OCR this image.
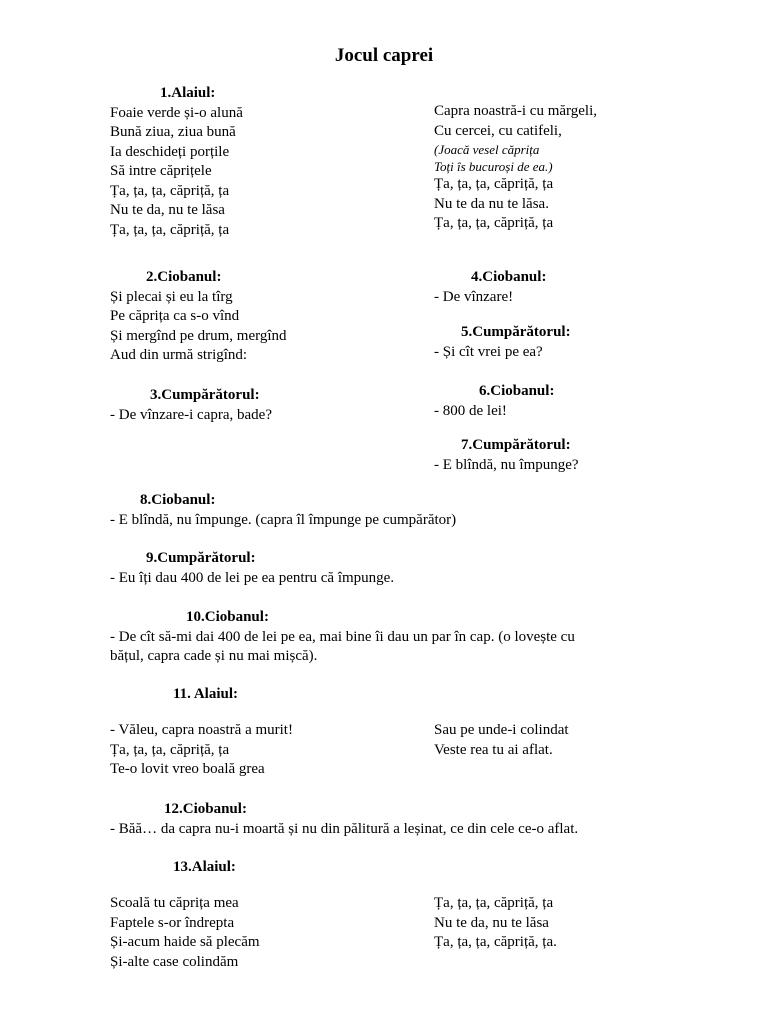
Jocul caprei
1.Alaiul:
Foaie verde și-o alună
Bună ziua, ziua bună
Ia deschideți porțile
Să intre căprițele
Ța, ța, ța, căpriță, ța
Nu te da, nu te lăsa
Ța, ța, ța, căpriță, ța
Capra noastră-i cu mărgeli,
Cu cercei, cu catifeli,
(Joacă vesel căprița
Toți îs bucuroși de ea.)
Ța, ța, ța, căpriță, ța
Nu te da nu te lăsa.
Ța, ța, ța, căpriță, ța
2.Ciobanul:
Și plecai și eu la tîrg
Pe căprița ca s-o vînd
Și mergînd pe drum, mergînd
Aud din urmă strigînd:
3.Cumpărătorul:
- De vînzare-i capra, bade?
4.Ciobanul:
- De vînzare!
5.Cumpărătorul:
- Și cît vrei pe ea?
6.Ciobanul:
- 800 de lei!
7.Cumpărătorul:
- E blîndă, nu împunge?
8.Ciobanul:
- E blîndă, nu împunge. (capra îl împunge pe cumpărător)
9.Cumpărătorul:
- Eu îți dau 400 de lei pe ea pentru că împunge.
10.Ciobanul:
- De cît să-mi dai 400 de lei pe ea, mai bine îi dau un par în cap. (o lovește cu
bățul, capra cade și nu mai mișcă).
11. Alaiul:
- Văleu, capra noastră a murit!
Ța, ța, ța, căpriță, ța
Te-o lovit vreo boală grea
Sau pe unde-i colindat
Veste rea tu ai aflat.
12.Ciobanul:
- Băă… da capra nu-i moartă și nu din pălitură a leșinat, ce din cele ce-o aflat.
13.Alaiul:
Scoală tu căprița mea
Faptele s-or îndrepta
Și-acum haide să plecăm
Și-alte case colindăm
Ța, ța, ța, căpriță, ța
Nu te da, nu te lăsa
Ța, ța, ța, căpriță, ța.
